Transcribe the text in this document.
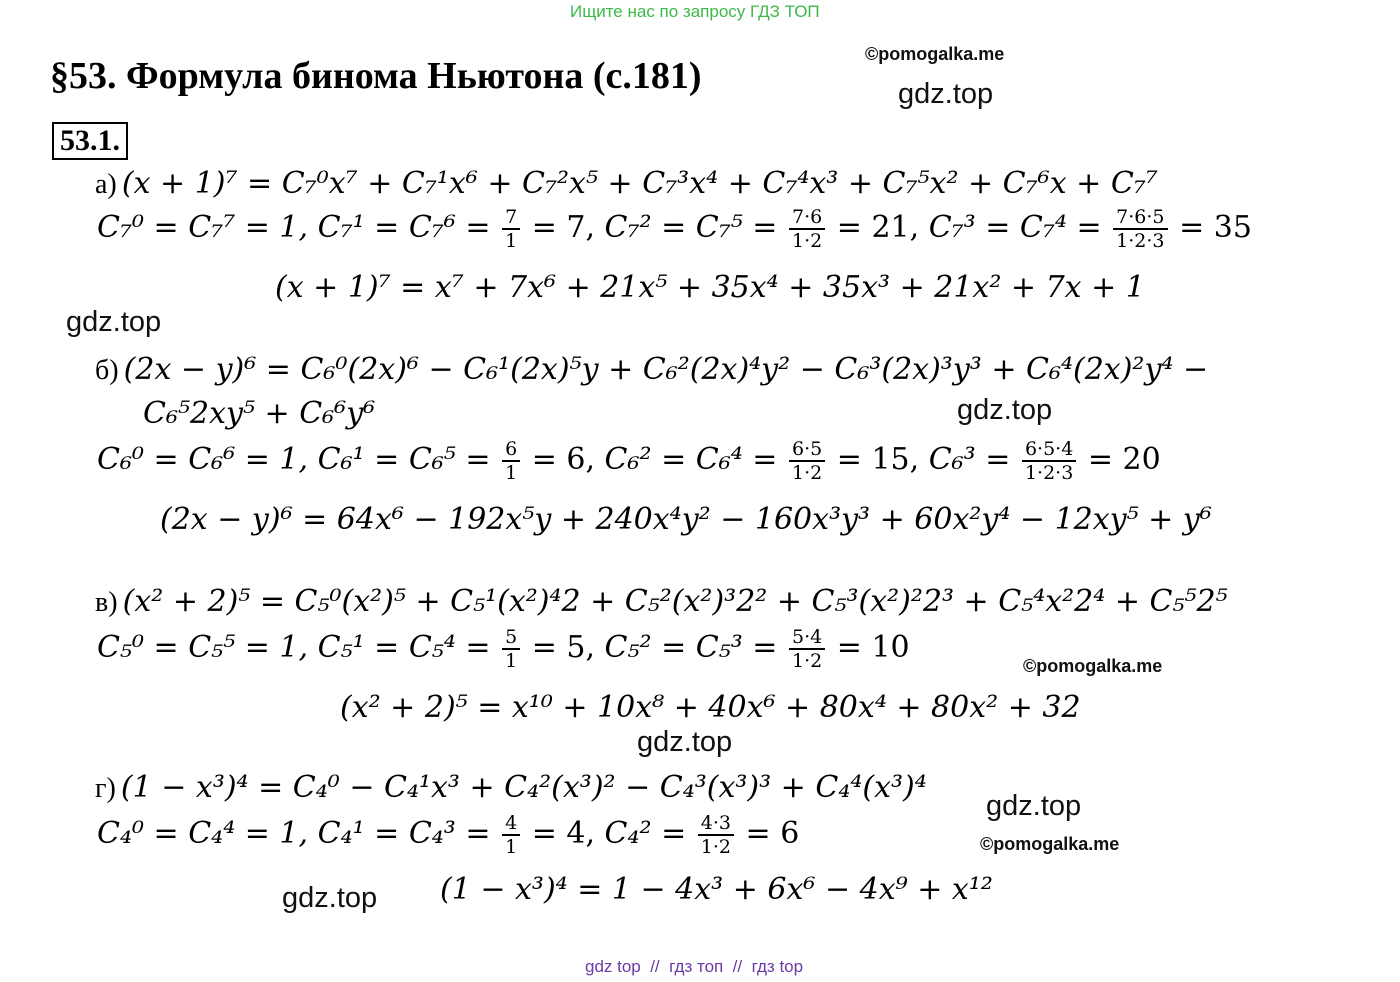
Ищите нас по запросу ГДЗ ТОП
§53. Формула бинома Ньютона (с.181)
53.1.
©pomogalka.me
gdz.top
gdz.top
gdz.top
©pomogalka.me
gdz.top
gdz.top
©pomogalka.me
gdz.top
а) (x + 1)⁷ = C₇⁰x⁷ + C₇¹x⁶ + C₇²x⁵ + C₇³x⁴ + C₇⁴x³ + C₇⁵x² + C₇⁶x + C₇⁷
C₇⁰ = C₇⁷ = 1, $C_7^1 = C_7^6 = \frac{7}{1} = 7$, $C_7^2 = C_7^5 = \frac{7\cdot 6}{1\cdot 2} = 21$, $C_7^3 = C_7^4 = \frac{7\cdot 6\cdot 5}{1\cdot 2\cdot 3} = 35$
(x + 1)⁷ = x⁷ + 7x⁶ + 21x⁵ + 35x⁴ + 35x³ + 21x² + 7x + 1
б) (2x − y)⁶ = C₆⁰(2x)⁶ − C₆¹(2x)⁵y + C₆²(2x)⁴y² − C₆³(2x)³y³ + C₆⁴(2x)²y⁴ −
C₆⁵2xy⁵ + C₆⁶y⁶
C₆⁰ = C₆⁶ = 1, $C_6^1 = C_6^5 = \frac{6}{1} = 6$, $C_6^2 = C_6^4 = \frac{6\cdot 5}{1\cdot 2} = 15$, $C_6^3 = \frac{6\cdot 5\cdot 4}{1\cdot 2\cdot 3} = 20$
(2x − y)⁶ = 64x⁶ − 192x⁵y + 240x⁴y² − 160x³y³ + 60x²y⁴ − 12xy⁵ + y⁶
в) (x² + 2)⁵ = C₅⁰(x²)⁵ + C₅¹(x²)⁴2 + C₅²(x²)³2² + C₅³(x²)²2³ + C₅⁴x²2⁴ + C₅⁵2⁵
C₅⁰ = C₅⁵ = 1, $C_5^1 = C_5^4 = \frac{5}{1} = 5$, $C_5^2 = C_5^3 = \frac{5\cdot 4}{1\cdot 2} = 10$
(x² + 2)⁵ = x¹⁰ + 10x⁸ + 40x⁶ + 80x⁴ + 80x² + 32
г) (1 − x³)⁴ = C₄⁰ − C₄¹x³ + C₄²(x³)² − C₄³(x³)³ + C₄⁴(x³)⁴
C₄⁰ = C₄⁴ = 1, $C_4^1 = C_4^3 = \frac{4}{1} = 4$, $C_4^2 = \frac{4\cdot 3}{1\cdot 2} = 6$
(1 − x³)⁴ = 1 − 4x³ + 6x⁶ − 4x⁹ + x¹²
gdz top  //  гдз топ  //  гдз top
